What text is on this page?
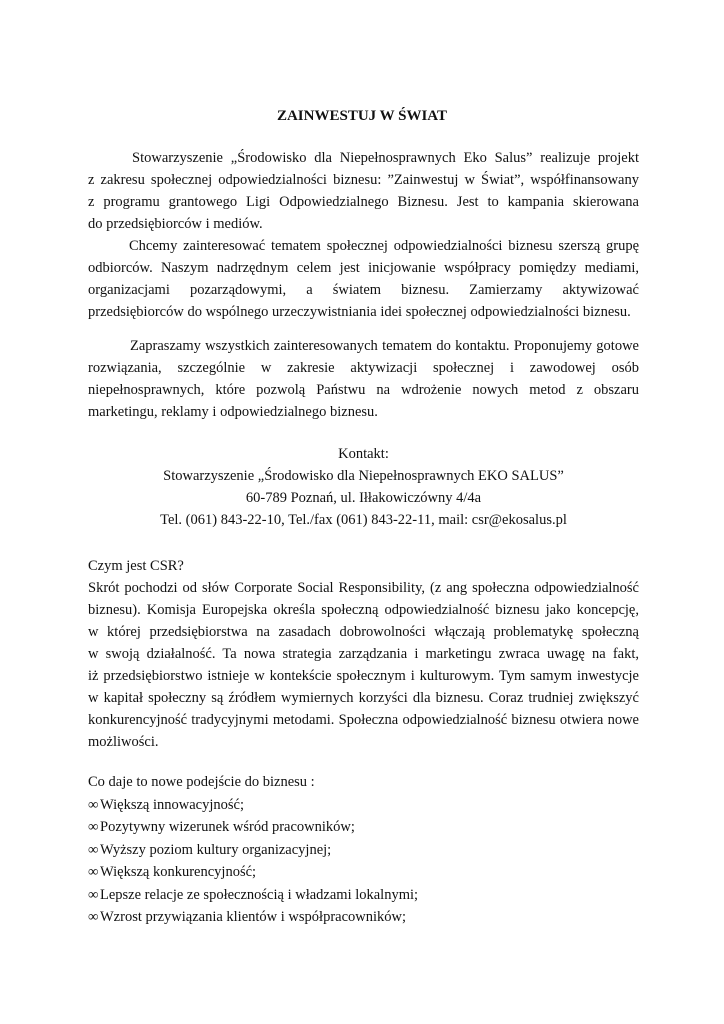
ZAINWESTUJ W ŚWIAT
Stowarzyszenie „Środowisko dla Niepełnosprawnych Eko Salus” realizuje projekt
z zakresu społecznej odpowiedzialności biznesu: ”Zainwestuj w Świat”, współfinansowany
z programu grantowego Ligi Odpowiedzialnego Biznesu. Jest to kampania skierowana
do przedsiębiorców i mediów.
Chcemy zainteresować tematem społecznej odpowiedzialności biznesu szerszą grupę
odbiorców. Naszym nadrzędnym celem jest inicjowanie współpracy pomiędzy mediami,
organizacjami pozarządowymi, a światem biznesu. Zamierzamy aktywizować
przedsiębiorców do wspólnego urzeczywistniania idei społecznej odpowiedzialności biznesu.
Zapraszamy wszystkich zainteresowanych tematem do kontaktu. Proponujemy gotowe
rozwiązania, szczególnie w zakresie aktywizacji społecznej i zawodowej osób
niepełnosprawnych, które pozwolą Państwu na wdrożenie nowych metod z obszaru
marketingu, reklamy i odpowiedzialnego biznesu.
Kontakt:
Stowarzyszenie „Środowisko dla Niepełnosprawnych EKO SALUS”
60-789 Poznań, ul. Iłłakowiczówny 4/4a
Tel. (061) 843-22-10, Tel./fax (061) 843-22-11, mail: csr@ekosalus.pl
Czym jest CSR?
Skrót pochodzi od słów Corporate Social Responsibility, (z ang społeczna odpowiedzialność
biznesu). Komisja Europejska określa społeczną odpowiedzialność biznesu jako koncepcję,
w której przedsiębiorstwa na zasadach dobrowolności włączają problematykę społeczną
w swoją działalność. Ta nowa strategia zarządzania i marketingu zwraca uwagę na fakt,
iż przedsiębiorstwo istnieje w kontekście społecznym i kulturowym. Tym samym inwestycje
w kapitał społeczny są źródłem wymiernych korzyści dla biznesu. Coraz trudniej zwiększyć
konkurencyjność tradycyjnymi metodami. Społeczna odpowiedzialność biznesu otwiera nowe
możliwości.
Co daje to nowe podejście do biznesu :
∞ Większą innowacyjność;
∞ Pozytywny wizerunek wśród pracowników;
∞ Wyższy poziom kultury organizacyjnej;
∞ Większą konkurencyjność;
∞ Lepsze relacje ze społecznością i władzami lokalnymi;
∞ Wzrost przywiązania klientów i współpracowników;
